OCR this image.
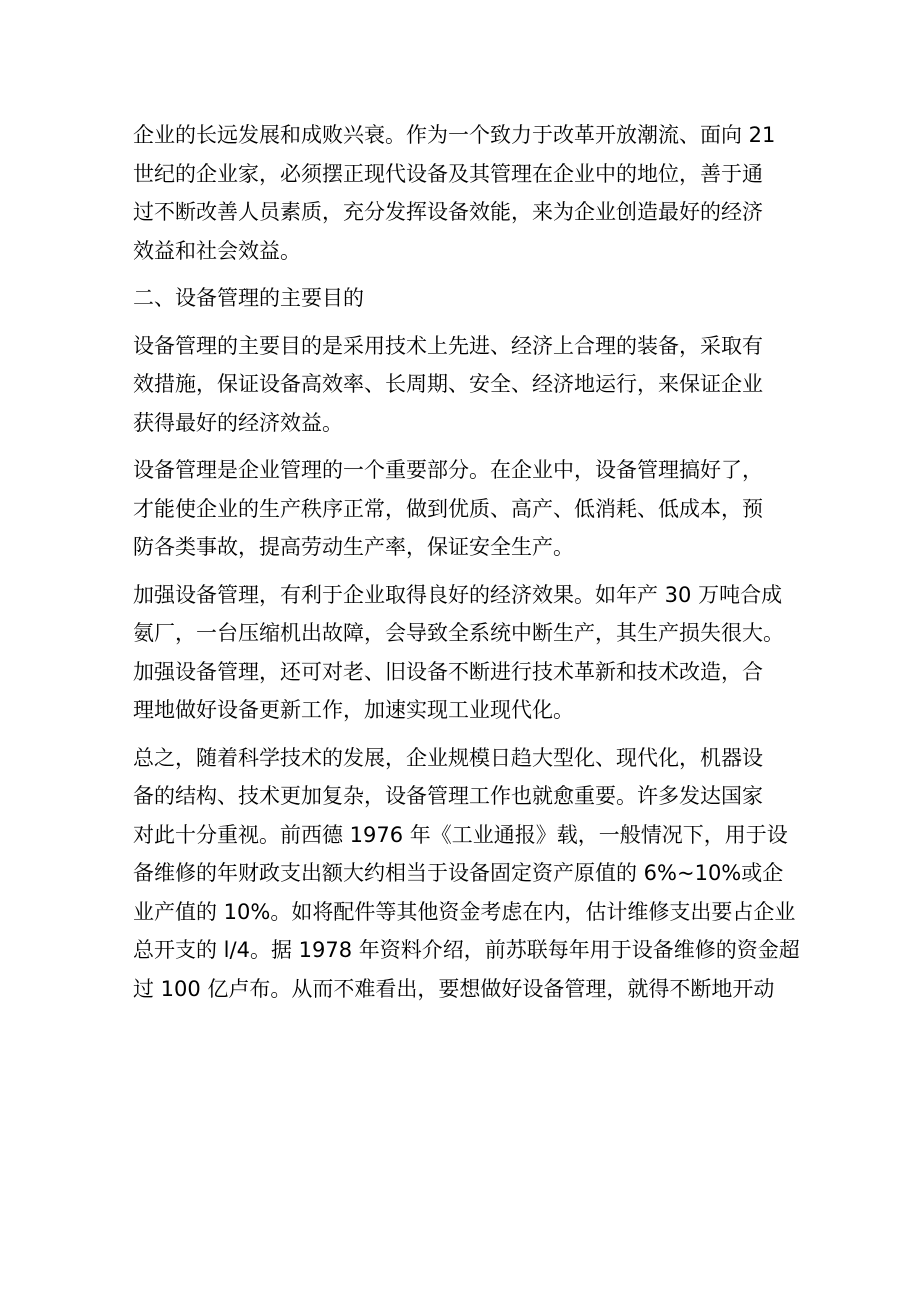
企业的长远发展和成败兴衰。作为一个致力于改革开放潮流、面向 21
世纪的企业家，必须摆正现代设备及其管理在企业中的地位，善于通
过不断改善人员素质，充分发挥设备效能，来为企业创造最好的经济
效益和社会效益。
二、设备管理的主要目的
设备管理的主要目的是采用技术上先进、经济上合理的装备，采取有
效措施，保证设备高效率、长周期、安全、经济地运行，来保证企业
获得最好的经济效益。
设备管理是企业管理的一个重要部分。在企业中，设备管理搞好了，
才能使企业的生产秩序正常，做到优质、高产、低消耗、低成本，预
防各类事故，提高劳动生产率，保证安全生产。
加强设备管理，有利于企业取得良好的经济效果。如年产 30 万吨合成
氨厂，一台压缩机出故障，会导致全系统中断生产，其生产损失很大。
加强设备管理，还可对老、旧设备不断进行技术革新和技术改造，合
理地做好设备更新工作，加速实现工业现代化。
总之，随着科学技术的发展，企业规模日趋大型化、现代化，机器设
备的结构、技术更加复杂，设备管理工作也就愈重要。许多发达国家
对此十分重视。前西德 1976 年《工业通报》载，一般情况下，用于设
备维修的年财政支出额大约相当于设备固定资产原值的 6%~10%或企
业产值的 10%。如将配件等其他资金考虑在内，估计维修支出要占企业
总开支的 l/4。据 1978 年资料介绍，前苏联每年用于设备维修的资金超
过 100 亿卢布。从而不难看出，要想做好设备管理，就得不断地开动
